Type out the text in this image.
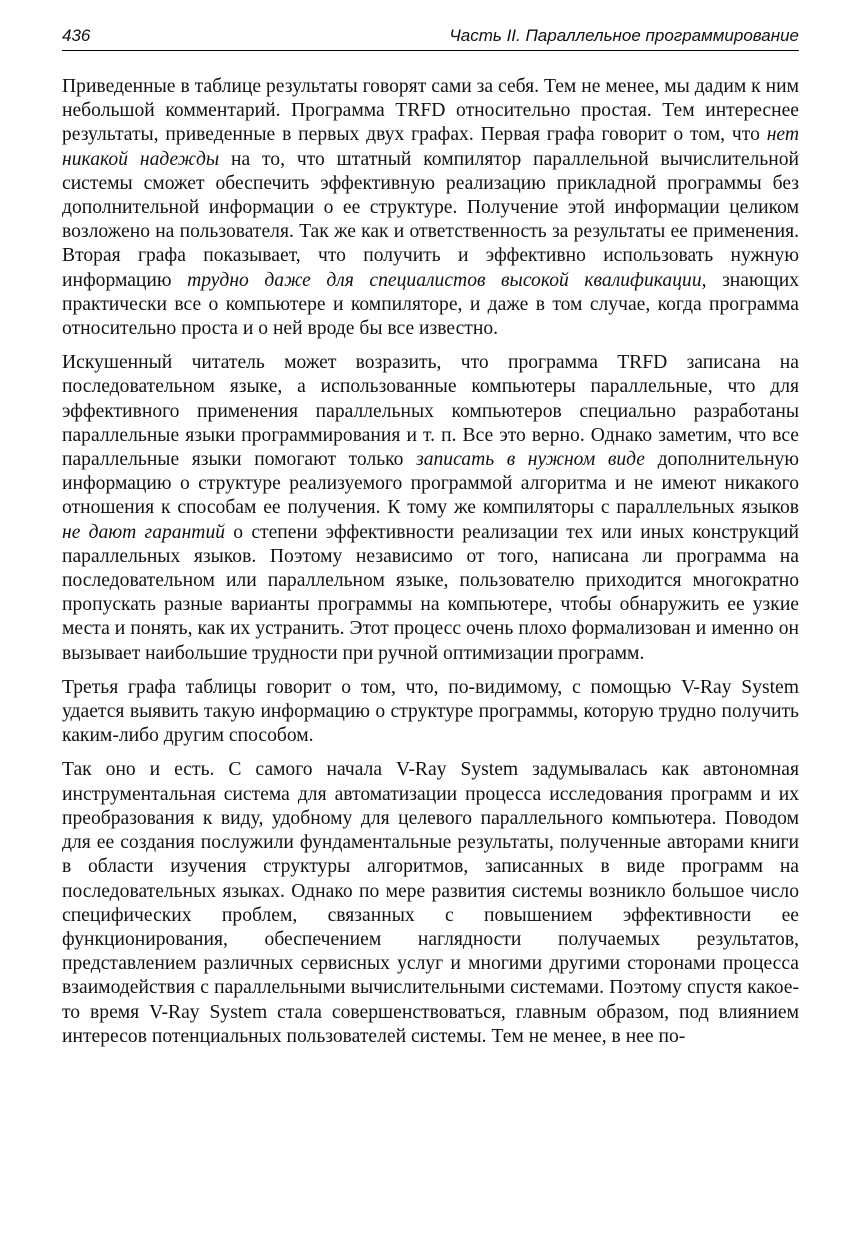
436	Часть II. Параллельное программирование

Приведенные в таблице результаты говорят сами за себя. Тем не менее, мы дадим к ним небольшой комментарий. Программа TRFD относительно простая. Тем интереснее результаты, приведенные в первых двух графах. Первая графа говорит о том, что нет никакой надежды на то, что штатный компилятор параллельной вычислительной системы сможет обеспечить эффективную реализацию прикладной программы без дополнительной информации о ее структуре. Получение этой информации целиком возложено на пользователя. Так же как и ответственность за результаты ее применения. Вторая графа показывает, что получить и эффективно использовать нужную информацию трудно даже для специалистов высокой квалификации, знающих практически все о компьютере и компиляторе, и даже в том случае, когда программа относительно проста и о ней вроде бы все известно.

Искушенный читатель может возразить, что программа TRFD записана на последовательном языке, а использованные компьютеры параллельные, что для эффективного применения параллельных компьютеров специально разработаны параллельные языки программирования и т. п. Все это верно. Однако заметим, что все параллельные языки помогают только записать в нужном виде дополнительную информацию о структуре реализуемого программой алгоритма и не имеют никакого отношения к способам ее получения. К тому же компиляторы с параллельных языков не дают гарантий о степени эффективности реализации тех или иных конструкций параллельных языков. Поэтому независимо от того, написана ли программа на последовательном или параллельном языке, пользователю приходится многократно пропускать разные варианты программы на компьютере, чтобы обнаружить ее узкие места и понять, как их устранить. Этот процесс очень плохо формализован и именно он вызывает наибольшие трудности при ручной оптимизации программ.

Третья графа таблицы говорит о том, что, по-видимому, с помощью V-Ray System удается выявить такую информацию о структуре программы, которую трудно получить каким-либо другим способом.

Так оно и есть. С самого начала V-Ray System задумывалась как автономная инструментальная система для автоматизации процесса исследования программ и их преобразования к виду, удобному для целевого параллельного компьютера. Поводом для ее создания послужили фундаментальные результаты, полученные авторами книги в области изучения структуры алгоритмов, записанных в виде программ на последовательных языках. Однако по мере развития системы возникло большое число специфических проблем, связанных с повышением эффективности ее функционирования, обеспечением наглядности получаемых результатов, представлением различных сервисных услуг и многими другими сторонами процесса взаимодействия с параллельными вычислительными системами. Поэтому спустя какое-то время V-Ray System стала совершенствоваться, главным образом, под влиянием интересов потенциальных пользователей системы. Тем не менее, в нее по-
